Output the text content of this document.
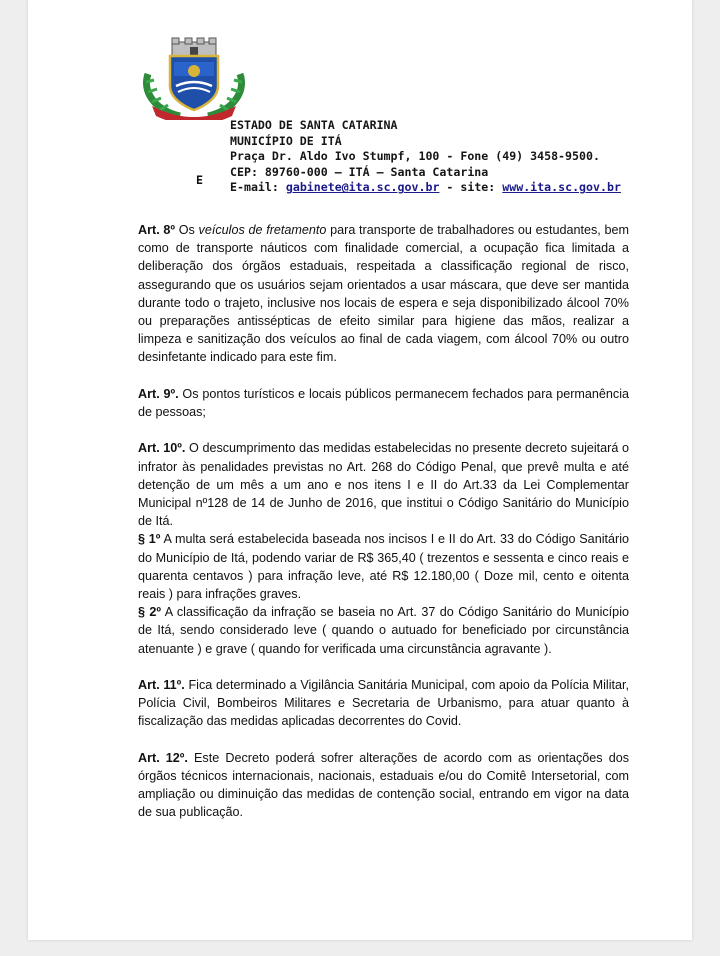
E
ESTADO DE SANTA CATARINA
MUNICÍPIO DE ITÁ
Praça Dr. Aldo Ivo Stumpf, 100 - Fone (49) 3458-9500.
CEP: 89760-000 – ITÁ – Santa Catarina
E-mail: gabinete@ita.sc.gov.br - site: www.ita.sc.gov.br

Art. 8º Os veículos de fretamento para transporte de trabalhadores ou estudantes, bem como de transporte náuticos com finalidade comercial, a ocupação fica limitada a deliberação dos órgãos estaduais, respeitada a classificação regional de risco, assegurando que os usuários sejam orientados a usar máscara, que deve ser mantida durante todo o trajeto, inclusive nos locais de espera e seja disponibilizado álcool 70% ou preparações antissépticas de efeito similar para higiene das mãos, realizar a limpeza e sanitização dos veículos ao final de cada viagem, com álcool 70% ou outro desinfetante indicado para este fim.

Art. 9º. Os pontos turísticos e locais públicos permanecem fechados para permanência de pessoas;

Art. 10º. O descumprimento das medidas estabelecidas no presente decreto sujeitará o infrator às penalidades previstas no Art. 268 do Código Penal, que prevê multa e até detenção de um mês a um ano e nos itens I e II do Art.33 da Lei Complementar Municipal nº128 de 14 de Junho de 2016, que institui o Código Sanitário do Município de Itá.

§ 1º A multa será estabelecida baseada nos incisos I e II do Art. 33 do Código Sanitário do Município de Itá, podendo variar de R$ 365,40 ( trezentos e sessenta e cinco reais e quarenta centavos ) para infração leve, até R$ 12.180,00 ( Doze mil, cento e oitenta reais ) para infrações graves.

§ 2º A classificação da infração se baseia no Art. 37 do Código Sanitário do Município de Itá, sendo considerado leve ( quando o autuado for beneficiado por circunstância atenuante ) e grave ( quando for verificada uma circunstância agravante ).

Art. 11º. Fica determinado a Vigilância Sanitária Municipal, com apoio da Polícia Militar, Polícia Civil, Bombeiros Militares e Secretaria de Urbanismo, para atuar quanto à fiscalização das medidas aplicadas decorrentes do Covid.

Art. 12º. Este Decreto poderá sofrer alterações de acordo com as orientações dos órgãos técnicos internacionais, nacionais, estaduais e/ou do Comitê Intersetorial, com ampliação ou diminuição das medidas de contenção social, entrando em vigor na data de sua publicação.
